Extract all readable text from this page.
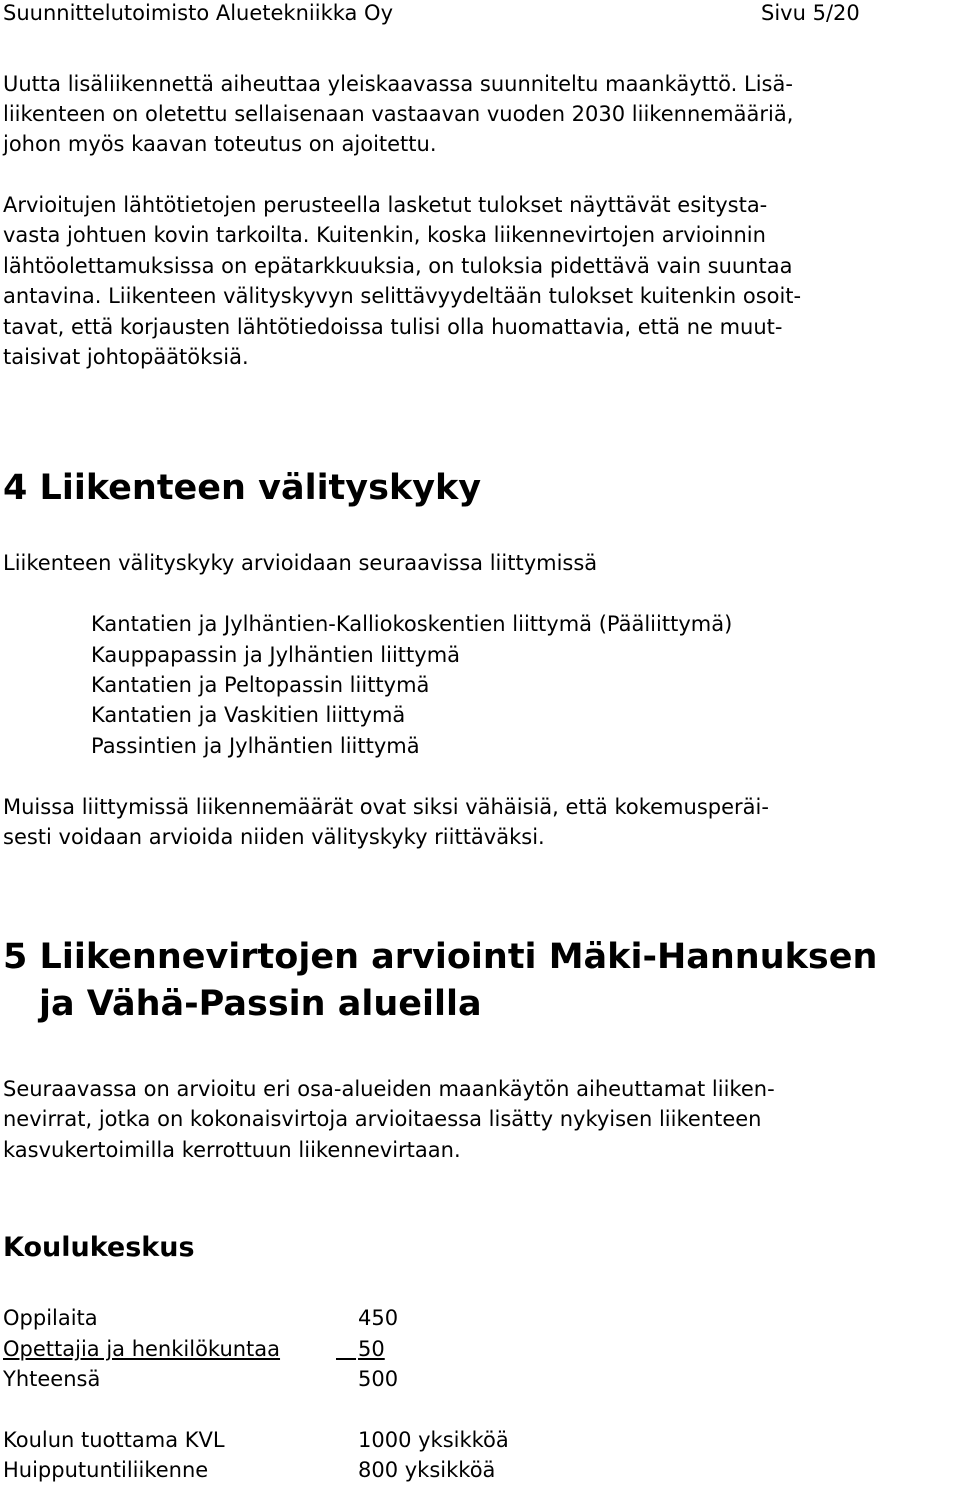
Suunnittelutoimisto Aluetekniikka Oy	Sivu 5/20
Uutta lisäliikennettä aiheuttaa yleiskaavassa suunniteltu maankäyttö. Lisä-
liikenteen on oletettu sellaisenaan vastaavan vuoden 2030 liikennemääriä,
johon myös kaavan toteutus on ajoitettu.
Arvioitujen lähtötietojen perusteella lasketut tulokset näyttävät esitysta-
vasta johtuen kovin tarkoilta. Kuitenkin, koska liikennevirtojen arvioinnin
lähtöolettamuksissa on epätarkkuuksia, on tuloksia pidettävä vain suuntaa
antavina. Liikenteen välityskyvyn selittävyydeltään tulokset kuitenkin osoit-
tavat, että korjausten lähtötiedoissa tulisi olla huomattavia, että ne muut-
taisivat johtopäätöksiä.
4 Liikenteen välityskyky
Liikenteen välityskyky arvioidaan seuraavissa liittymissä
Kantatien ja Jylhäntien-Kalliokoskentien liittymä (Pääliittymä)
Kauppapassin ja Jylhäntien liittymä
Kantatien ja Peltopassin liittymä
Kantatien ja Vaskitien liittymä
Passintien ja Jylhäntien liittymä
Muissa liittymissä liikennemäärät ovat siksi vähäisiä, että kokemusperäi-
sesti voidaan arvioida niiden välityskyky riittäväksi.
5 Liikennevirtojen arviointi Mäki-Hannuksen
ja Vähä-Passin alueilla
Seuraavassa on arvioitu eri osa-alueiden maankäytön aiheuttamat liiken-
nevirrat, jotka on kokonaisvirtoja arvioitaessa lisätty nykyisen liikenteen
kasvukertoimilla kerrottuun liikennevirtaan.
Koulukeskus
Oppilaita	450
Opettajia ja henkilökuntaa	50

Yhteensä	500
Koulun tuottama KVL	1000 yksikköä
Huipputuntiliikenne	800 yksikköä
